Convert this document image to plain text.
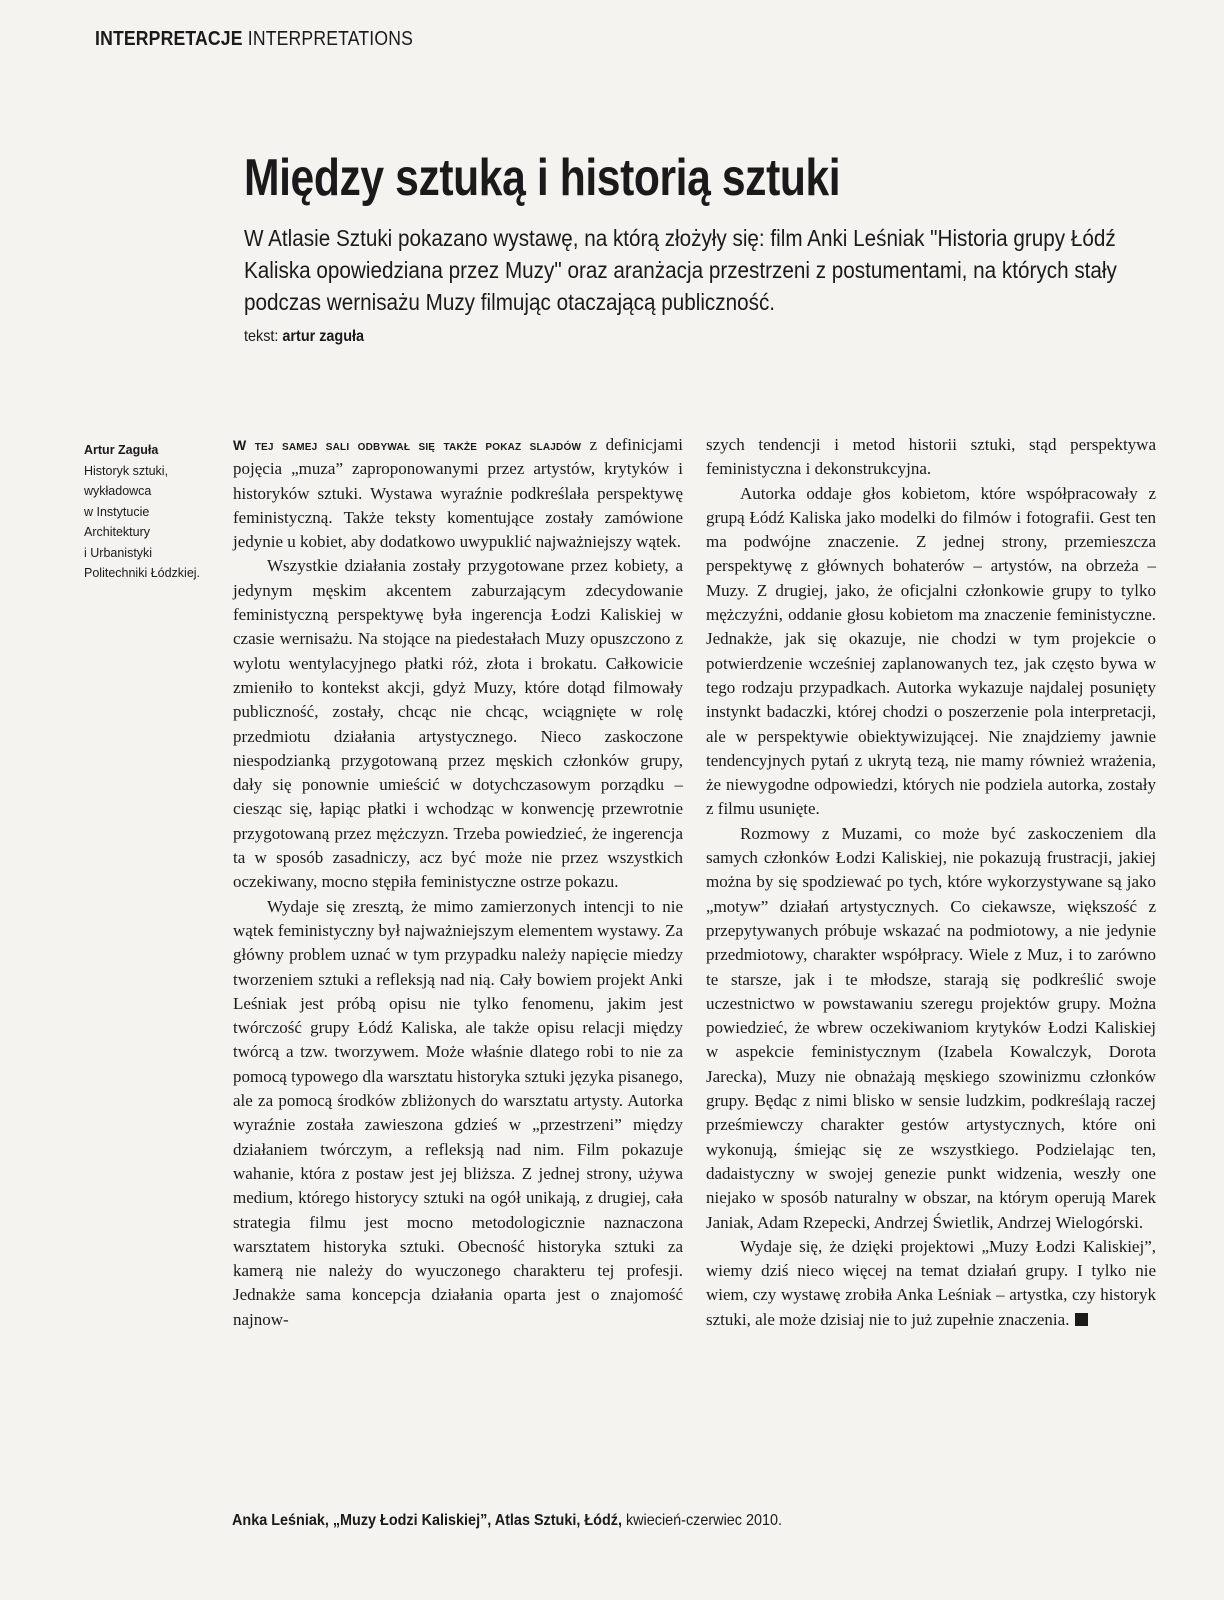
INTERPRETACJE INTERPRETATIONS
Między sztuką i historią sztuki

W Atlasie Sztuki pokazano wystawę, na którą złożyły się: film Anki Leśniak "Historia grupy Łódź

Kaliska opowiedziana przez Muzy" oraz aranżacja przestrzeni z postumentami, na których stały

podczas wernisażu Muzy filmując otaczającą publiczność.

tekst: artur zaguła
Artur Zaguła
Historyk sztuki,
wykładowca
w Instytucie
Architektury
i Urbanistyki
Politechniki Łódzkiej.

W tej samej sali odbywał się także pokaz slajdów z definicjami pojęcia „muza” zaproponowanymi przez artystów, krytyków i historyków sztuki. Wystawa wyraźnie podkreślała perspektywę feministyczną. Także teksty komentujące zostały zamówione jedynie u kobiet, aby dodatkowo uwypuklić najważniejszy wątek.

Wszystkie działania zostały przygotowane przez kobiety, a jedynym męskim akcentem zaburzającym zdecydowanie feministyczną perspektywę była ingerencja Łodzi Kaliskiej w czasie wernisażu. Na stojące na piedestałach Muzy opuszczono z wylotu wentylacyjnego płatki róż, złota i brokatu. Całkowicie zmieniło to kontekst akcji, gdyż Muzy, które dotąd filmowały publiczność, zostały, chcąc nie chcąc, wciągnięte w rolę przedmiotu działania artystycznego. Nieco zaskoczone niespodzianką przygotowaną przez męskich członków grupy, dały się ponownie umieścić w dotychczasowym porządku – ciesząc się, łapiąc płatki i wchodząc w konwencję przewrotnie przygotowaną przez mężczyzn. Trzeba powiedzieć, że ingerencja ta w sposób zasadniczy, acz być może nie przez wszystkich oczekiwany, mocno stępiła feministyczne ostrze pokazu.

Wydaje się zresztą, że mimo zamierzonych intencji to nie wątek feministyczny był najważniejszym elementem wystawy. Za główny problem uznać w tym przypadku należy napięcie miedzy tworzeniem sztuki a refleksją nad nią. Cały bowiem projekt Anki Leśniak jest próbą opisu nie tylko fenomenu, jakim jest twórczość grupy Łódź Kaliska, ale także opisu relacji między twórcą a tzw. tworzywem. Może właśnie dlatego robi to nie za pomocą typowego dla warsztatu historyka sztuki języka pisanego, ale za pomocą środków zbliżonych do warsztatu artysty. Autorka wyraźnie została zawieszona gdzieś w „przestrzeni” między działaniem twórczym, a refleksją nad nim. Film pokazuje wahanie, która z postaw jest jej bliższa. Z jednej strony, używa medium, którego historycy sztuki na ogół unikają, z drugiej, cała strategia filmu jest mocno metodologicznie naznaczona warsztatem historyka sztuki. Obecność historyka sztuki za kamerą nie należy do wyuczonego charakteru tej profesji. Jednakże sama koncepcja działania oparta jest o znajomość najnow-

szych tendencji i metod historii sztuki, stąd perspektywa feministyczna i dekonstrukcyjna.

Autorka oddaje głos kobietom, które współpracowały z grupą Łódź Kaliska jako modelki do filmów i fotografii. Gest ten ma podwójne znaczenie. Z jednej strony, przemieszcza perspektywę z głównych bohaterów – artystów, na obrzeża – Muzy. Z drugiej, jako, że oficjalni członkowie grupy to tylko mężczyźni, oddanie głosu kobietom ma znaczenie feministyczne. Jednakże, jak się okazuje, nie chodzi w tym projekcie o potwierdzenie wcześniej zaplanowanych tez, jak często bywa w tego rodzaju przypadkach. Autorka wykazuje najdalej posunięty instynkt badaczki, której chodzi o poszerzenie pola interpretacji, ale w perspektywie obiektywizującej. Nie znajdziemy jawnie tendencyjnych pytań z ukrytą tezą, nie mamy również wrażenia, że niewygodne odpowiedzi, których nie podziela autorka, zostały z filmu usunięte.

Rozmowy z Muzami, co może być zaskoczeniem dla samych członków Łodzi Kaliskiej, nie pokazują frustracji, jakiej można by się spodziewać po tych, które wykorzystywane są jako „motyw” działań artystycznych. Co ciekawsze, większość z przepytywanych próbuje wskazać na podmiotowy, a nie jedynie przedmiotowy, charakter współpracy. Wiele z Muz, i to zarówno te starsze, jak i te młodsze, starają się podkreślić swoje uczestnictwo w powstawaniu szeregu projektów grupy. Można powiedzieć, że wbrew oczekiwaniom krytyków Łodzi Kaliskiej w aspekcie feministycznym (Izabela Kowalczyk, Dorota Jarecka), Muzy nie obnażają męskiego szowinizmu członków grupy. Będąc z nimi blisko w sensie ludzkim, podkreślają raczej prześmiewczy charakter gestów artystycznych, które oni wykonują, śmiejąc się ze wszystkiego. Podzielając ten, dadaistyczny w swojej genezie punkt widzenia, weszły one niejako w sposób naturalny w obszar, na którym operują Marek Janiak, Adam Rzepecki, Andrzej Świetlik, Andrzej Wielogórski.

Wydaje się, że dzięki projektowi „Muzy Łodzi Kaliskiej”, wiemy dziś nieco więcej na temat działań grupy. I tylko nie wiem, czy wystawę zrobiła Anka Leśniak – artystka, czy historyk sztuki, ale może dzisiaj nie to już zupełnie znaczenia.

Anka Leśniak, „Muzy Łodzi Kaliskiej”, Atlas Sztuki, Łódź, kwiecień-czerwiec 2010.
